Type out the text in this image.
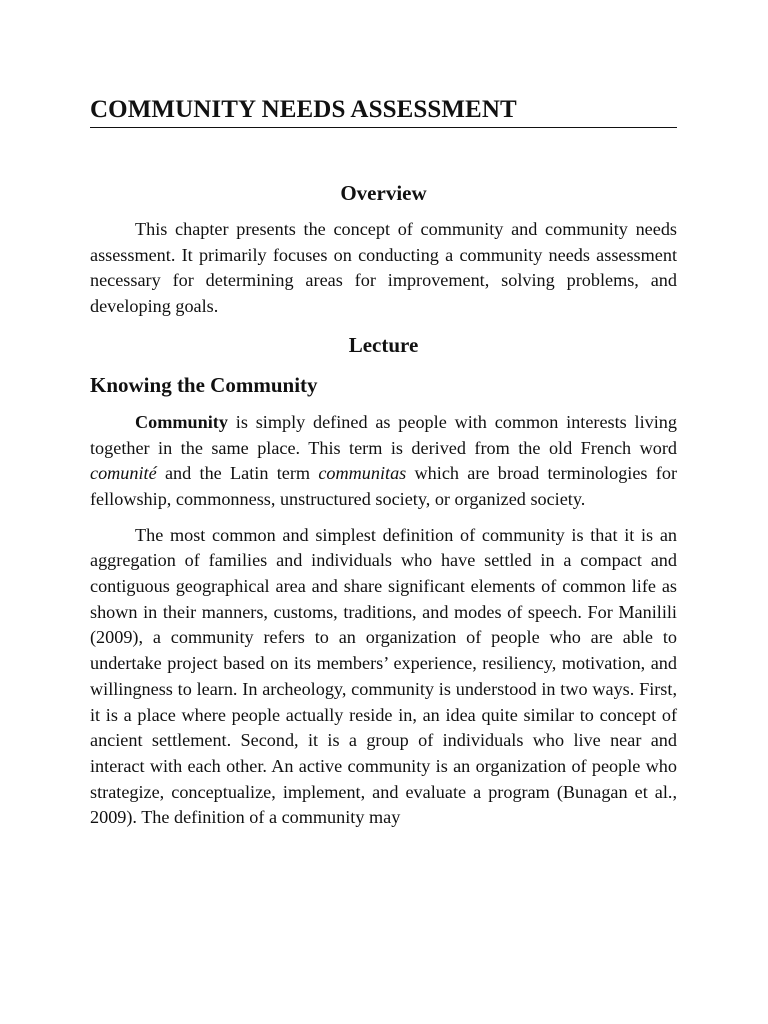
COMMUNITY NEEDS ASSESSMENT
Overview

This chapter presents the concept of community and community needs assessment. It primarily focuses on conducting a community needs assessment necessary for determining areas for improvement, solving problems, and developing goals.

Lecture
Knowing the Community

Community is simply defined as people with common interests living together in the same place. This term is derived from the old French word comunité and the Latin term communitas which are broad terminologies for fellowship, commonness, unstructured society, or organized society.

The most common and simplest definition of community is that it is an aggregation of families and individuals who have settled in a compact and contiguous geographical area and share significant elements of common life as shown in their manners, customs, traditions, and modes of speech. For Manilili (2009), a community refers to an organization of people who are able to undertake project based on its members’ experience, resiliency, motivation, and willingness to learn. In archeology, community is understood in two ways. First, it is a place where people actually reside in, an idea quite similar to concept of ancient settlement. Second, it is a group of individuals who live near and interact with each other. An active community is an organization of people who strategize, conceptualize, implement, and evaluate a program (Bunagan et al., 2009). The definition of a community may
